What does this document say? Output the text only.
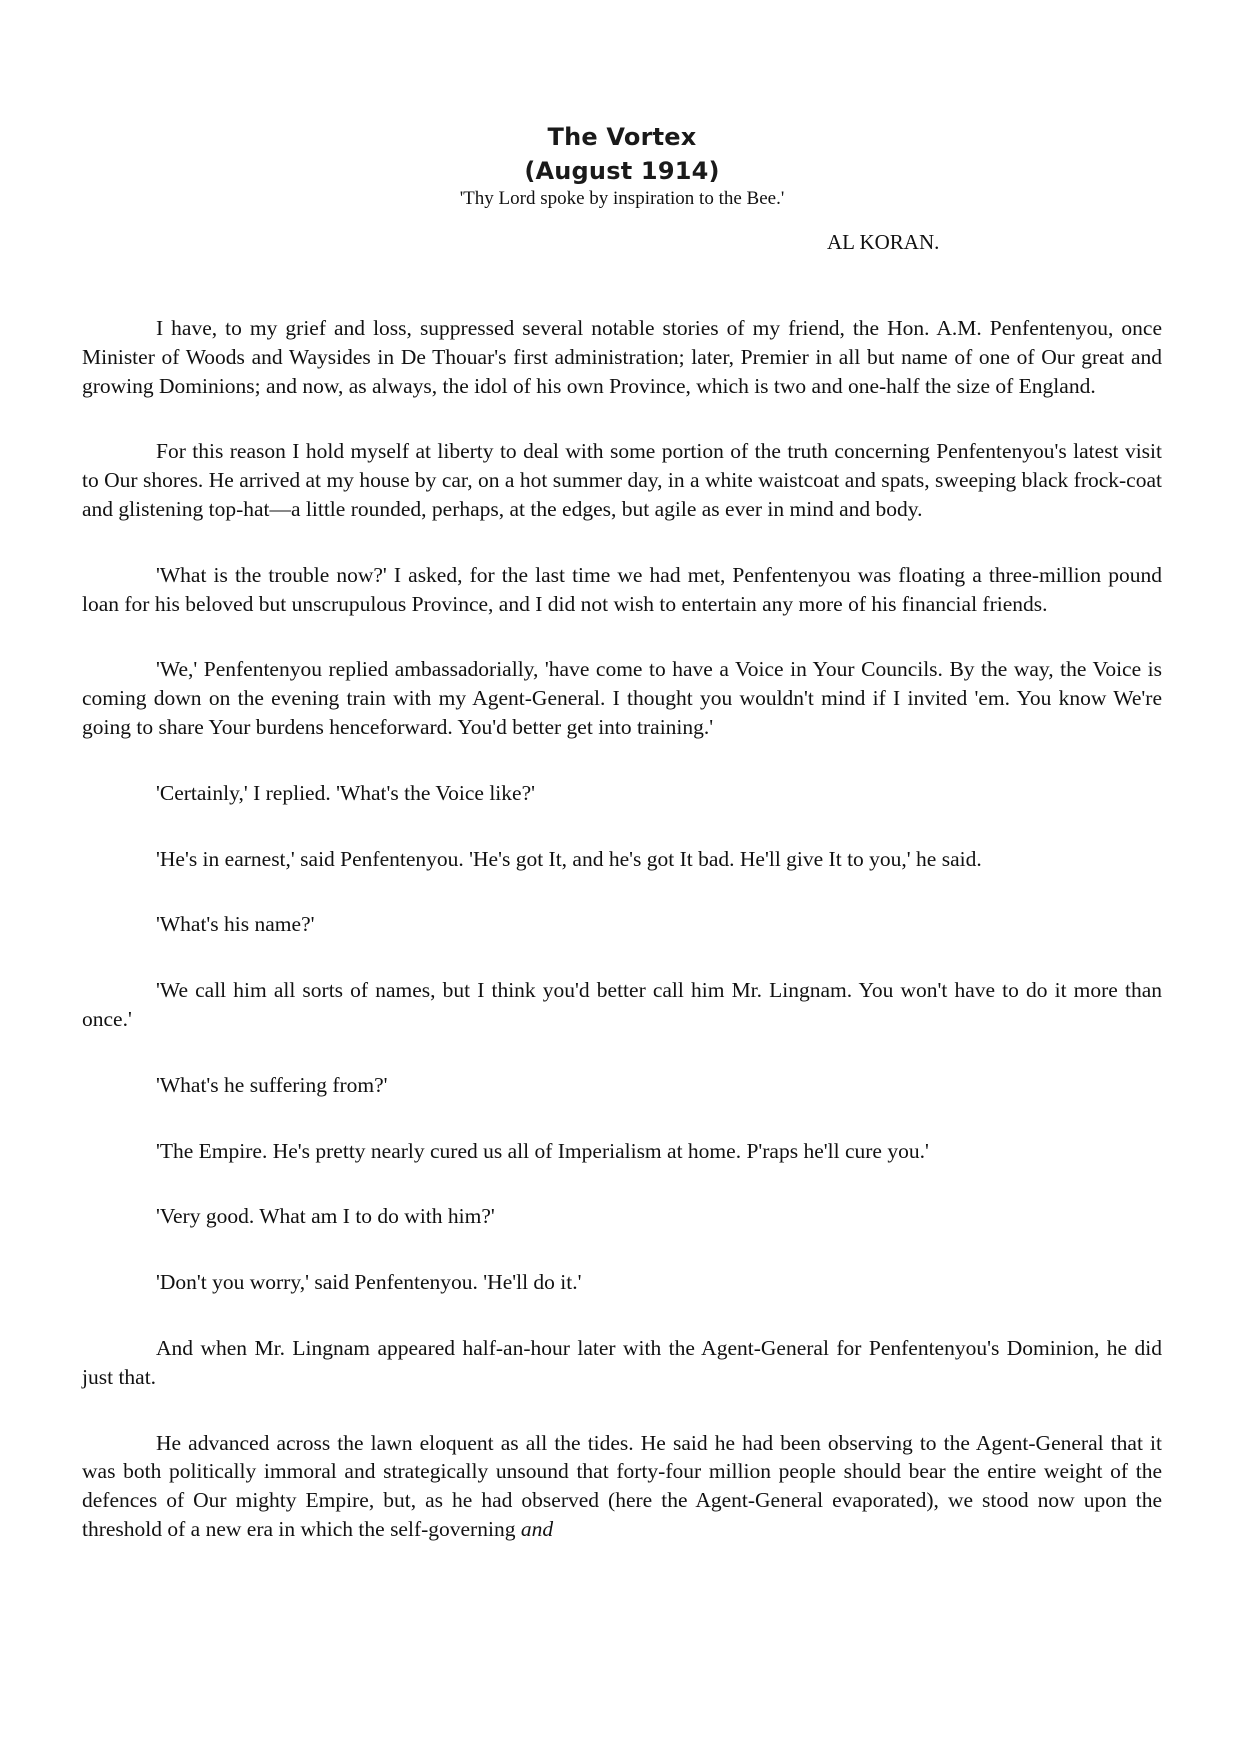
The Vortex
(August 1914)
'Thy Lord spoke by inspiration to the Bee.'
AL KORAN.

I have, to my grief and loss, suppressed several notable stories of my friend, the Hon. A.M. Penfentenyou, once Minister of Woods and Waysides in De Thouar's first administration; later, Premier in all but name of one of Our great and growing Dominions; and now, as always, the idol of his own Province, which is two and one-half the size of England.

For this reason I hold myself at liberty to deal with some portion of the truth concerning Penfentenyou's latest visit to Our shores. He arrived at my house by car, on a hot summer day, in a white waistcoat and spats, sweeping black frock-coat and glistening top-hat—a little rounded, perhaps, at the edges, but agile as ever in mind and body.

'What is the trouble now?' I asked, for the last time we had met, Penfentenyou was floating a three-million pound loan for his beloved but unscrupulous Province, and I did not wish to entertain any more of his financial friends.

'We,' Penfentenyou replied ambassadorially, 'have come to have a Voice in Your Councils. By the way, the Voice is coming down on the evening train with my Agent-General. I thought you wouldn't mind if I invited 'em. You know We're going to share Your burdens henceforward. You'd better get into training.'

'Certainly,' I replied. 'What's the Voice like?'

'He's in earnest,' said Penfentenyou. 'He's got It, and he's got It bad. He'll give It to you,' he said.

'What's his name?'

'We call him all sorts of names, but I think you'd better call him Mr. Lingnam. You won't have to do it more than once.'

'What's he suffering from?'

'The Empire. He's pretty nearly cured us all of Imperialism at home. P'raps he'll cure you.'

'Very good. What am I to do with him?'

'Don't you worry,' said Penfentenyou. 'He'll do it.'

And when Mr. Lingnam appeared half-an-hour later with the Agent-General for Penfentenyou's Dominion, he did just that.

He advanced across the lawn eloquent as all the tides. He said he had been observing to the Agent-General that it was both politically immoral and strategically unsound that forty-four million people should bear the entire weight of the defences of Our mighty Empire, but, as he had observed (here the Agent-General evaporated), we stood now upon the threshold of a new era in which the self-governing and
